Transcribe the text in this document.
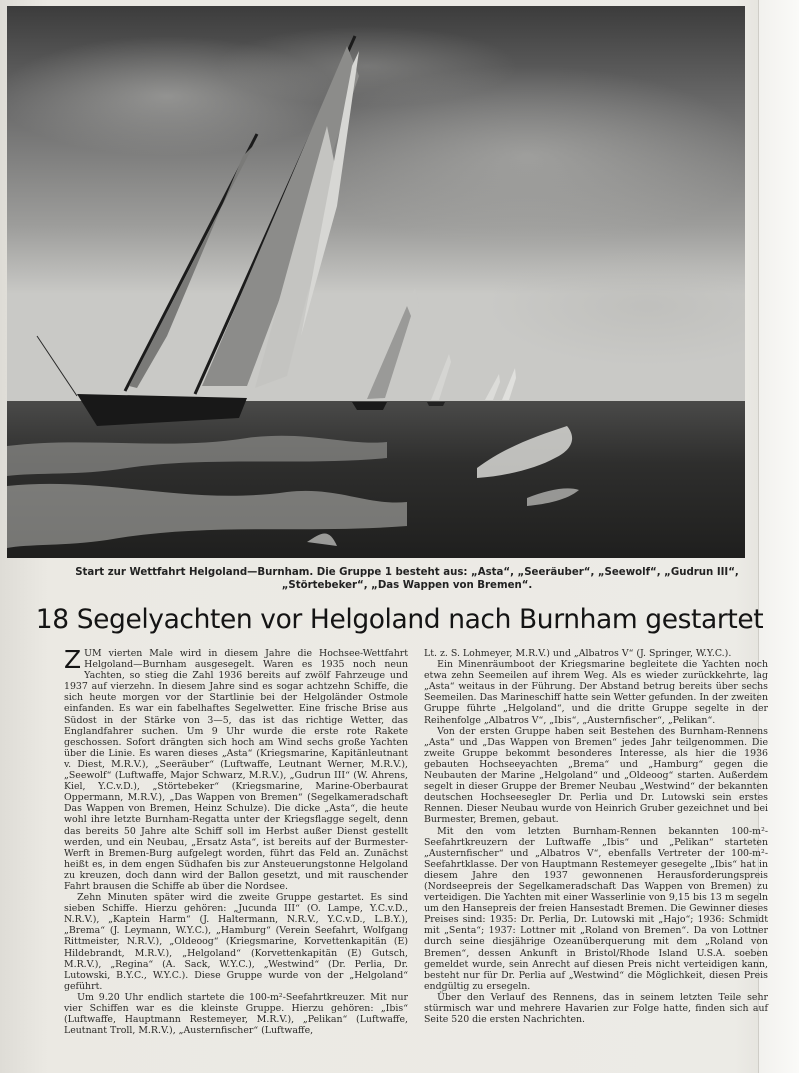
Start zur Wettfahrt Helgoland—Burnham. Die Gruppe 1 besteht aus: „Asta“, „Seeräuber“, „Seewolf“, „Gudrun III“, „Störtebeker“, „Das Wappen von Bremen“.
18 Segelyachten vor Helgoland nach Burnham gestartet

ZUM vierten Male wird in diesem Jahre die Hochsee-Wettfahrt Helgoland—Burnham ausgesegelt. Waren es 1935 noch neun Yachten, so stieg die Zahl 1936 bereits auf zwölf Fahrzeuge und 1937 auf vierzehn. In diesem Jahre sind es sogar achtzehn Schiffe, die sich heute morgen vor der Startlinie bei der Helgoländer Ostmole einfanden. Es war ein fabelhaftes Segelwetter. Eine frische Brise aus Südost in der Stärke von 3—5, das ist das richtige Wetter, das Englandfahrer suchen. Um 9 Uhr wurde die erste rote Rakete geschossen. Sofort drängten sich hoch am Wind sechs große Yachten über die Linie. Es waren dieses „Asta“ (Kriegsmarine, Kapitänleutnant v. Diest, M.R.V.), „Seeräuber“ (Luftwaffe, Leutnant Werner, M.R.V.), „Seewolf“ (Luftwaffe, Major Schwarz, M.R.V.), „Gudrun III“ (W. Ahrens, Kiel, Y.C.v.D.), „Störtebeker“ (Kriegsmarine, Marine-Oberbaurat Oppermann, M.R.V.), „Das Wappen von Bremen“ (Segelkameradschaft Das Wappen von Bremen, Heinz Schulze). Die dicke „Asta“, die heute wohl ihre letzte Burnham-Regatta unter der Kriegsflagge segelt, denn das bereits 50 Jahre alte Schiff soll im Herbst außer Dienst gestellt werden, und ein Neubau, „Ersatz Asta“, ist bereits auf der Burmester-Werft in Bremen-Burg aufgelegt worden, führt das Feld an. Zunächst heißt es, in dem engen Südhafen bis zur Ansteuerungstonne Helgoland zu kreuzen, doch dann wird der Ballon gesetzt, und mit rauschender Fahrt brausen die Schiffe ab über die Nordsee.

Zehn Minuten später wird die zweite Gruppe gestartet. Es sind sieben Schiffe. Hierzu gehören: „Jucunda III“ (O. Lampe, Y.C.v.D., N.R.V.), „Kaptein Harm“ (J. Haltermann, N.R.V., Y.C.v.D., L.B.Y.), „Brema“ (J. Leymann, W.Y.C.), „Hamburg“ (Verein Seefahrt, Wolfgang Rittmeister, N.R.V.), „Oldeoog“ (Kriegsmarine, Korvettenkapitän (E) Hildebrandt, M.R.V.), „Helgoland“ (Korvettenkapitän (E) Gutsch, M.R.V.), „Regina“ (A. Sack, W.Y.C.), „Westwind“ (Dr. Perlia, Dr. Lutowski, B.Y.C., W.Y.C.). Diese Gruppe wurde von der „Helgoland“ geführt.

Um 9.20 Uhr endlich startete die 100-m²-Seefahrtkreuzer. Mit nur vier Schiffen war es die kleinste Gruppe. Hierzu gehören: „Ibis“ (Luftwaffe, Hauptmann Restemeyer, M.R.V.), „Pelikan“ (Luftwaffe, Leutnant Troll, M.R.V.), „Austernfischer“ (Luftwaffe,

Lt. z. S. Lohmeyer, M.R.V.) und „Albatros V“ (J. Springer, W.Y.C.).

Ein Minenräumboot der Kriegsmarine begleitete die Yachten noch etwa zehn Seemeilen auf ihrem Weg. Als es wieder zurückkehrte, lag „Asta“ weitaus in der Führung. Der Abstand betrug bereits über sechs Seemeilen. Das Marineschiff hatte sein Wetter gefunden. In der zweiten Gruppe führte „Helgoland“, und die dritte Gruppe segelte in der Reihenfolge „Albatros V“, „Ibis“, „Austernfischer“, „Pelikan“.

Von der ersten Gruppe haben seit Bestehen des Burnham-Rennens „Asta“ und „Das Wappen von Bremen“ jedes Jahr teilgenommen. Die zweite Gruppe bekommt besonderes Interesse, als hier die 1936 gebauten Hochseeyachten „Brema“ und „Hamburg“ gegen die Neubauten der Marine „Helgoland“ und „Oldeoog“ starten. Außerdem segelt in dieser Gruppe der Bremer Neubau „Westwind“ der bekannten deutschen Hochseesegler Dr. Perlia und Dr. Lutowski sein erstes Rennen. Dieser Neubau wurde von Heinrich Gruber gezeichnet und bei Burmester, Bremen, gebaut.

Mit den vom letzten Burnham-Rennen bekannten 100-m²-Seefahrtkreuzern der Luftwaffe „Ibis“ und „Pelikan“ starteten „Austernfischer“ und „Albatros V“, ebenfalls Vertreter der 100-m²-Seefahrtklasse. Der von Hauptmann Restemeyer gesegelte „Ibis“ hat in diesem Jahre den 1937 gewonnenen Herausforderungspreis (Nordseepreis der Segelkameradschaft Das Wappen von Bremen) zu verteidigen. Die Yachten mit einer Wasserlinie von 9,15 bis 13 m segeln um den Hansepreis der freien Hansestadt Bremen. Die Gewinner dieses Preises sind: 1935: Dr. Perlia, Dr. Lutowski mit „Hajo“; 1936: Schmidt mit „Senta“; 1937: Lottner mit „Roland von Bremen“. Da von Lottner durch seine diesjährige Ozeanüberquerung mit dem „Roland von Bremen“, dessen Ankunft in Bristol/Rhode Island U.S.A. soeben gemeldet wurde, sein Anrecht auf diesen Preis nicht verteidigen kann, besteht nur für Dr. Perlia auf „Westwind“ die Möglichkeit, diesen Preis endgültig zu ersegeln.

Über den Verlauf des Rennens, das in seinem letzten Teile sehr stürmisch war und mehrere Havarien zur Folge hatte, finden sich auf Seite 520 die ersten Nachrichten.
